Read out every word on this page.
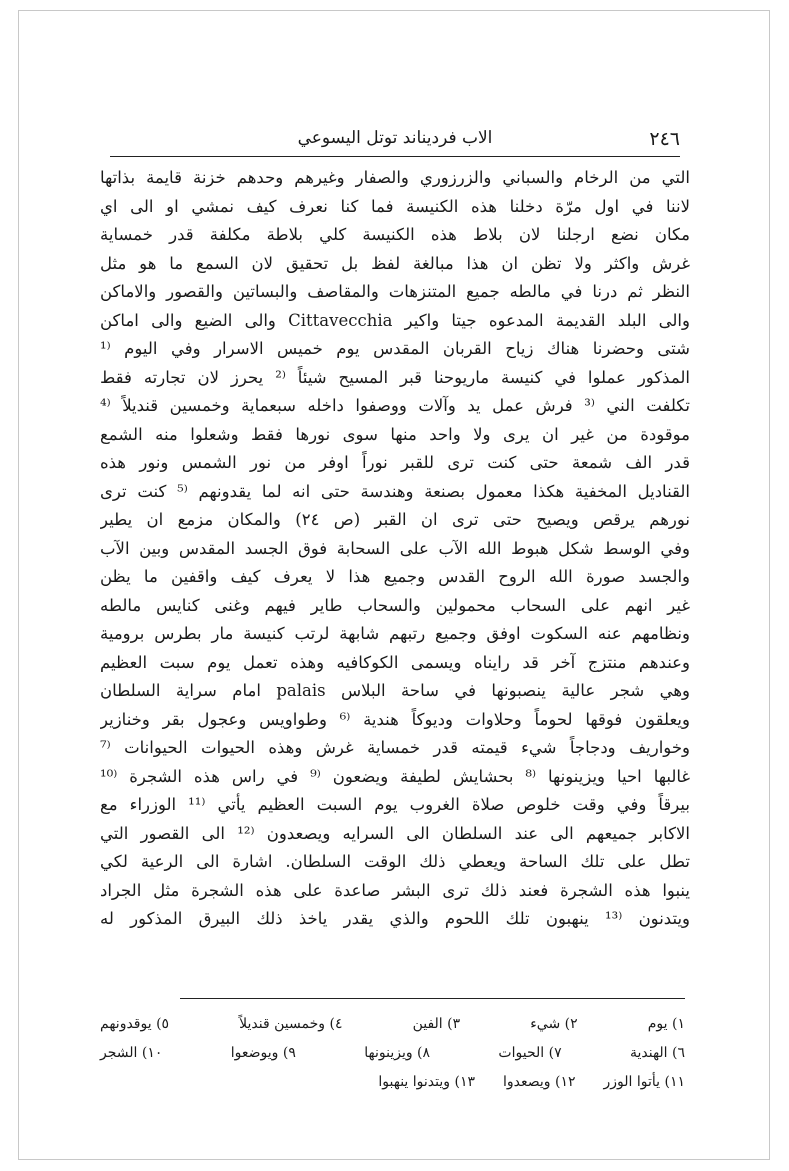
٢٤٦
الاب فرديناند توتل اليسوعي
التي من الرخام والسباني والزرزوري والصفار وغيرهم وحدهم خزنة قايمة بذاتها
لاننا في اول مرّة دخلنا هذه الكنيسة فما كنا نعرف كيف نمشي او الى اي
مكان نضع ارجلنا لان بلاط هذه الكنيسة كلي بلاطة مكلفة قدر خمساية
غرش واكثر ولا تظن ان هذا مبالغة لفظ بل تحقيق لان السمع ما هو مثل
النظر ثم درنا في مالطه جميع المتنزهات والمقاصف والبساتين والقصور والاماكن
والى البلد القديمة المدعوه جيتا واكير Cittavecchia والى الضيع والى اماكن
شتى وحضرنا هناك زياح القربان المقدس يوم خميس الاسرار وفي اليوم ⁽¹
المذكور عملوا في كنيسة ماريوحنا قبر المسيح شيئاً ⁽² يحرز لان تجارته فقط
تكلفت الني ⁽³ فرش عمل يد وآلات ووصفوا داخله سبعماية وخمسين قنديلاً ⁽⁴
موقودة من غير ان يرى ولا واحد منها سوى نورها فقط وشعلوا منه الشمع
قدر الف شمعة حتى كنت ترى للقبر نوراً اوفر من نور الشمس ونور هذه
القناديل المخفية هكذا معمول بصنعة وهندسة حتى انه لما يقدونهم ⁽⁵ كنت ترى
نورهم يرقص ويصيح حتى ترى ان القبر (ص ٢٤) والمكان مزمع ان يطير
وفي الوسط شكل هبوط الله الآب على السحابة فوق الجسد المقدس وبين الآب
والجسد صورة الله الروح القدس وجميع هذا لا يعرف كيف واقفين ما يظن
غير انهم على السحاب محمولين والسحاب طاير فيهم وغنى كنايس مالطه
ونظامهم عنه السكوت اوفق وجميع رتبهم شابهة لرتب كنيسة مار بطرس برومية
وعندهم منتزج آخر قد رايناه ويسمى الكوكافيه وهذه تعمل يوم سبت العظيم
وهي شجر عالية ينصبونها في ساحة البلاس palais امام سراية السلطان
ويعلقون فوقها لحوماً وحلاوات وديوكاً هندية ⁽⁶ وطواويس وعجول بقر وخنازير
وخواريف ودجاجاً شيء قيمته قدر خمساية غرش وهذه الحيوات الحيوانات ⁽⁷
غالبها احيا ويزينونها ⁽⁸ بحشايش لطيفة ويضعون ⁽⁹ في راس هذه الشجرة ⁽¹⁰
بيرقاً وفي وقت خلوص صلاة الغروب يوم السبت العظيم يأتي ⁽¹¹ الوزراء مع
الاكابر جميعهم الى عند السلطان الى السرايه ويصعدون ⁽¹² الى القصور التي
تطل على تلك الساحة ويعطي ذلك الوقت السلطان. اشارة الى الرعية لكي
ينبوا هذه الشجرة فعند ذلك ترى البشر صاعدة على هذه الشجرة مثل الجراد
ويتدنون ⁽¹³ ينهبون تلك اللحوم والذي يقدر ياخذ ذلك البيرق المذكور له
١) يوم
٢) شيء
٣) الفين
٤) وخمسين قنديلاً
٥) يوقدونهم
٦) الهندية
٧) الحيوات
٨) ويزينونها
٩) ويوضعوا
١٠) الشجر
١١) يأتوا الوزر
١٢) ويصعدوا
١٣) ويتدنوا ينهبوا
